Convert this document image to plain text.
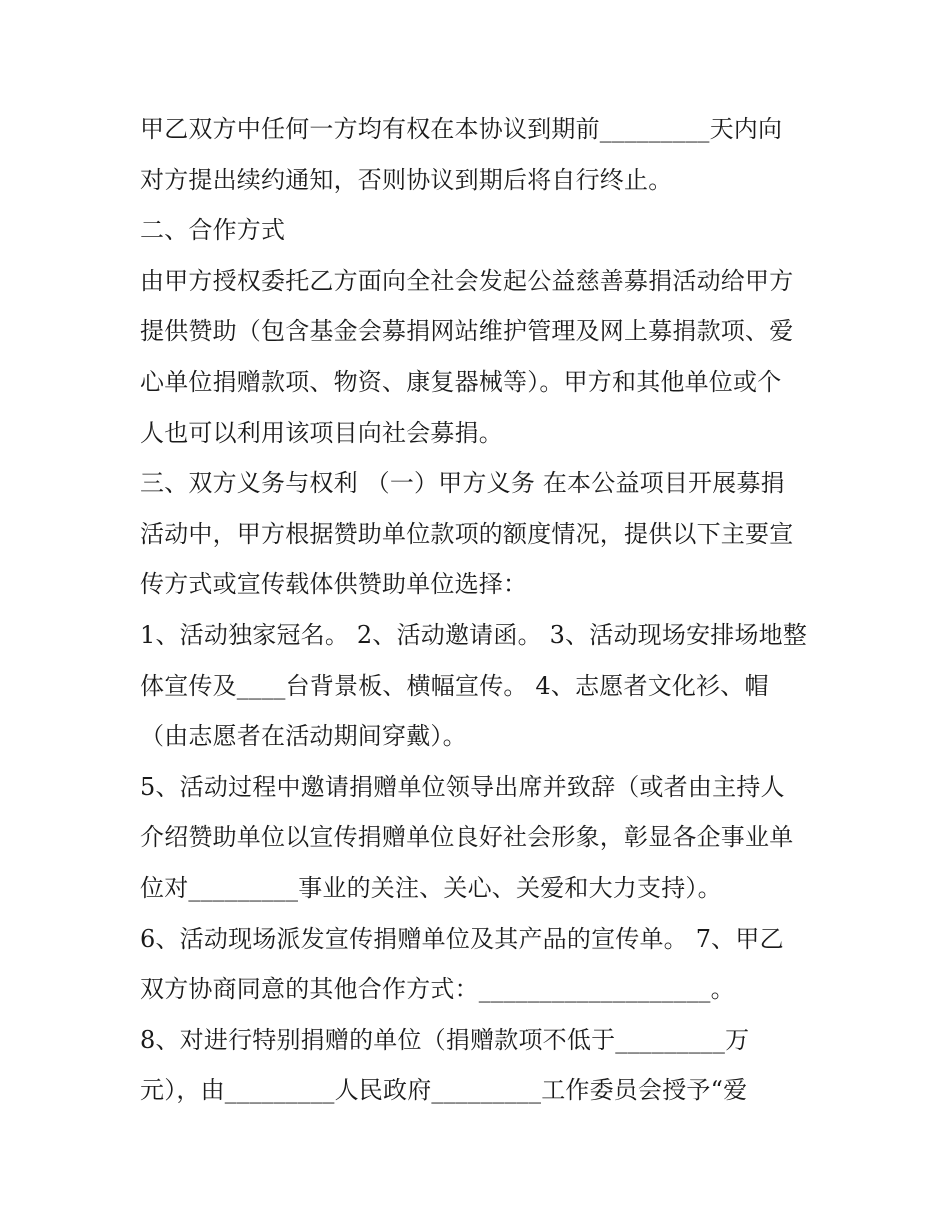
甲乙双方中任何一方均有权在本协议到期前_________天内向
对方提出续约通知，否则协议到期后将自行终止。
二、合作方式
由甲方授权委托乙方面向全社会发起公益慈善募捐活动给甲方
提供赞助（包含基金会募捐网站维护管理及网上募捐款项、爱
心单位捐赠款项、物资、康复器械等）。甲方和其他单位或个
人也可以利用该项目向社会募捐。
三、双方义务与权利 （一）甲方义务 在本公益项目开展募捐
活动中，甲方根据赞助单位款项的额度情况，提供以下主要宣
传方式或宣传载体供赞助单位选择：
1、活动独家冠名。 2、活动邀请函。 3、活动现场安排场地整
体宣传及____台背景板、横幅宣传。 4、志愿者文化衫、帽
（由志愿者在活动期间穿戴）。
5、活动过程中邀请捐赠单位领导出席并致辞（或者由主持人
介绍赞助单位以宣传捐赠单位良好社会形象，彰显各企事业单
位对_________事业的关注、关心、关爱和大力支持）。
6、活动现场派发宣传捐赠单位及其产品的宣传单。 7、甲乙
双方协商同意的其他合作方式：___________________。
8、对进行特别捐赠的单位（捐赠款项不低于_________万
元），由_________人民政府_________工作委员会授予“爱
